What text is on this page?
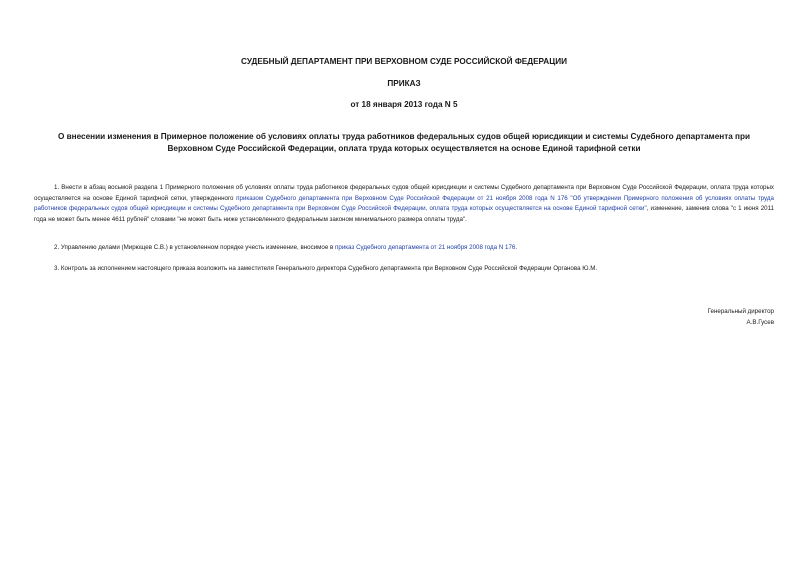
СУДЕБНЫЙ ДЕПАРТАМЕНТ ПРИ ВЕРХОВНОМ СУДЕ РОССИЙСКОЙ ФЕДЕРАЦИИ
ПРИКАЗ
от 18 января 2013 года N 5
О внесении изменения в Примерное положение об условиях оплаты труда работников федеральных судов общей юрисдикции и системы Судебного департамента при Верховном Суде Российской Федерации, оплата труда которых осуществляется на основе Единой тарифной сетки

1. Внести в абзац восьмой раздела 1 Примерного положения об условиях оплаты труда работников федеральных судов общей юрисдикции и системы Судебного департамента при Верховном Суде Российской Федерации, оплата труда которых осуществляется на основе Единой тарифной сетки, утвержденного приказом Судебного департамента при Верховном Суде Российской Федерации от 21 ноября 2008 года N 176 "Об утверждении Примерного положения об условиях оплаты труда работников федеральных судов общей юрисдикции и системы Судебного департамента при Верховном Суде Российской Федерации, оплата труда которых осуществляется на основе Единой тарифной сетки", изменение, заменив слова "с 1 июня 2011 года не может быть менее 4611 рублей" словами "не может быть ниже установленного федеральным законом минимального размера оплаты труда".

2. Управлению делами (Мирющев С.В.) в установленном порядке учесть изменение, вносимое в приказ Судебного департамента от 21 ноября 2008 года N 176.

3. Контроль за исполнением настоящего приказа возложить на заместителя Генерального директора Судебного департамента при Верховном Суде Российской Федерации Органова Ю.М.

Генеральный директор
А.В.Гусев
